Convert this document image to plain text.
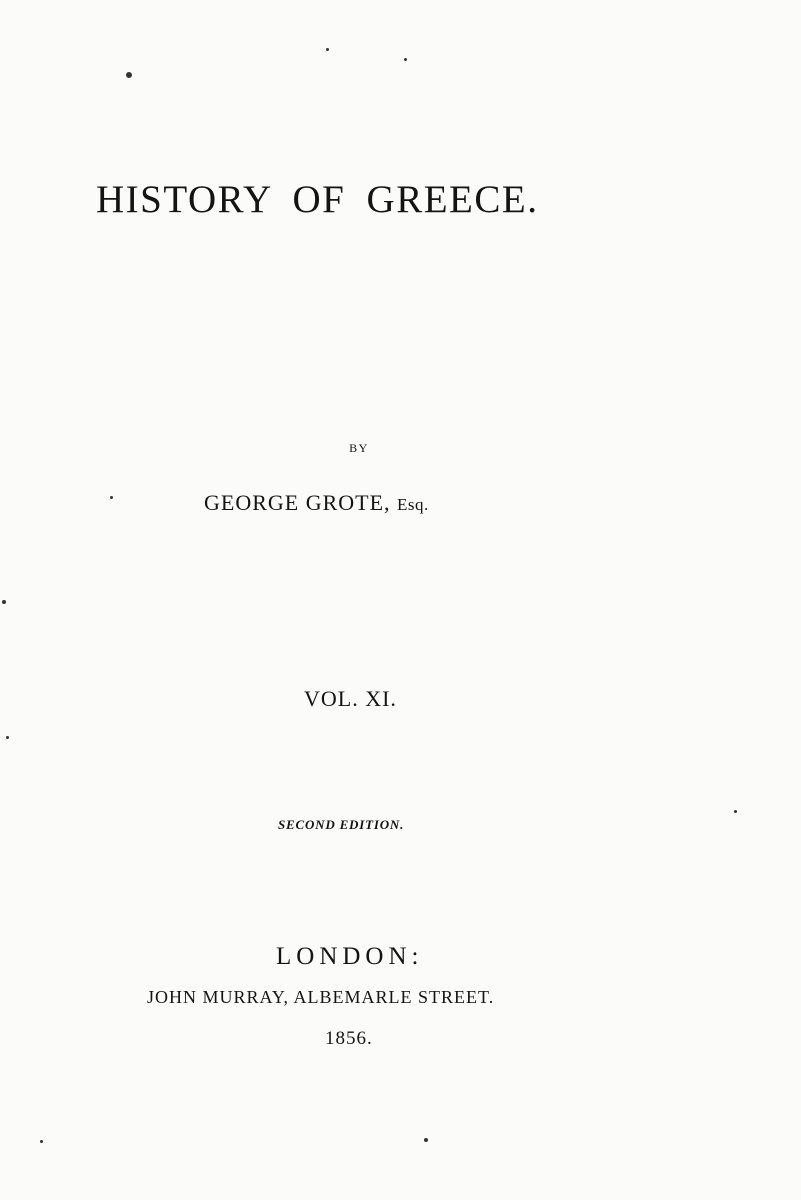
HISTORY OF GREECE.
BY
GEORGE GROTE, Esq.
VOL. XI.
SECOND EDITION.
LONDON:
JOHN MURRAY, ALBEMARLE STREET.
1856.
